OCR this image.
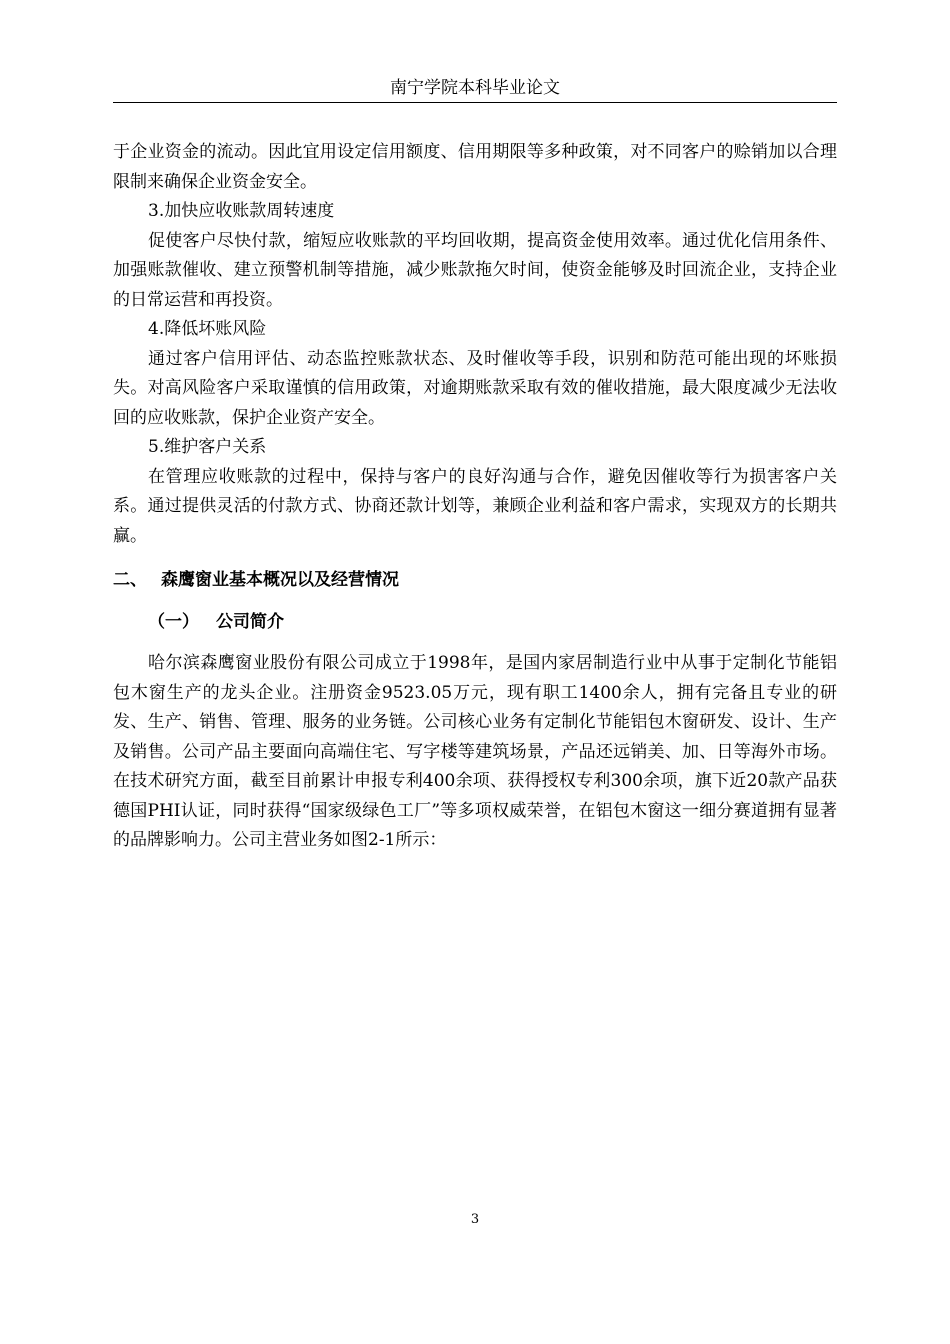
南宁学院本科毕业论文

于企业资金的流动。因此宜用设定信用额度、信用期限等多种政策，对不同客户的赊销加以合理限制来确保企业资金安全。

3.加快应收账款周转速度

促使客户尽快付款，缩短应收账款的平均回收期，提高资金使用效率。通过优化信用条件、加强账款催收、建立预警机制等措施，减少账款拖欠时间，使资金能够及时回流企业，支持企业的日常运营和再投资。

4.降低坏账风险

通过客户信用评估、动态监控账款状态、及时催收等手段，识别和防范可能出现的坏账损失。对高风险客户采取谨慎的信用政策，对逾期账款采取有效的催收措施，最大限度减少无法收回的应收账款，保护企业资产安全。

5.维护客户关系

在管理应收账款的过程中，保持与客户的良好沟通与合作，避免因催收等行为损害客户关系。通过提供灵活的付款方式、协商还款计划等，兼顾企业利益和客户需求，实现双方的长期共赢。

二、 森鹰窗业基本概况以及经营情况
（一） 公司简介

哈尔滨森鹰窗业股份有限公司成立于1998年，是国内家居制造行业中从事于定制化节能铝包木窗生产的龙头企业。注册资金9523.05万元，现有职工1400余人，拥有完备且专业的研发、生产、销售、管理、服务的业务链。公司核心业务有定制化节能铝包木窗研发、设计、生产及销售。公司产品主要面向高端住宅、写字楼等建筑场景，产品还远销美、加、日等海外市场。在技术研究方面，截至目前累计申报专利400余项、获得授权专利300余项，旗下近20款产品获德国PHI认证，同时获得“国家级绿色工厂”等多项权威荣誉，在铝包木窗这一细分赛道拥有显著的品牌影响力。公司主营业务如图2-1所示：

3
